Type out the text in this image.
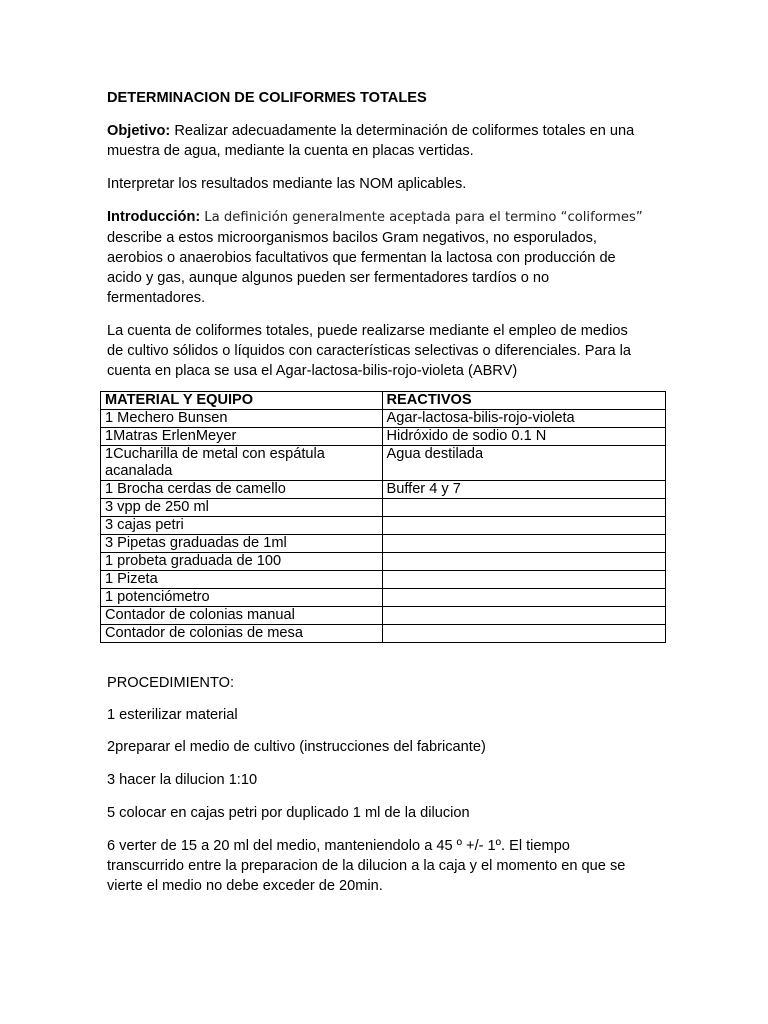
DETERMINACION DE COLIFORMES TOTALES

Objetivo: Realizar adecuadamente la determinación de coliformes totales en una
muestra de agua, mediante la cuenta en placas vertidas.

Interpretar los resultados mediante las NOM aplicables.

Introducción: La definición generalmente aceptada para el termino “coliformes”
describe a estos microorganismos bacilos Gram negativos, no esporulados,
aerobios o anaerobios facultativos que fermentan la lactosa con producción de
acido y gas, aunque algunos pueden ser fermentadores tardíos o no
fermentadores.

La cuenta de coliformes totales, puede realizarse mediante el empleo de medios
de cultivo sólidos o líquidos con características selectivas o diferenciales. Para la
cuenta en placa se usa el Agar-lactosa-bilis-rojo-violeta (ABRV)

MATERIAL Y EQUIPO	REACTIVOS
1 Mechero Bunsen	Agar-lactosa-bilis-rojo-violeta
1Matras ErlenMeyer	Hidróxido de sodio 0.1 N
1Cucharilla de metal con espátula acanalada	Agua destilada
1 Brocha cerdas de camello	Buffer 4 y 7
3 vpp de 250 ml	
3 cajas petri	
3 Pipetas graduadas de 1ml	
1 probeta graduada de 100	
1 Pizeta	
1 potenciómetro	
Contador de colonias manual	
Contador de colonias de mesa	

PROCEDIMIENTO:

1 esterilizar material

2preparar el medio de cultivo (instrucciones del fabricante)

3 hacer la dilucion 1:10

5 colocar en cajas petri por duplicado 1 ml de la dilucion

6 verter de 15 a 20 ml del medio, manteniendolo a 45 º +/- 1º. El tiempo
transcurrido entre la preparacion de la dilucion a la caja y el momento en que se
vierte el medio no debe exceder de 20min.
